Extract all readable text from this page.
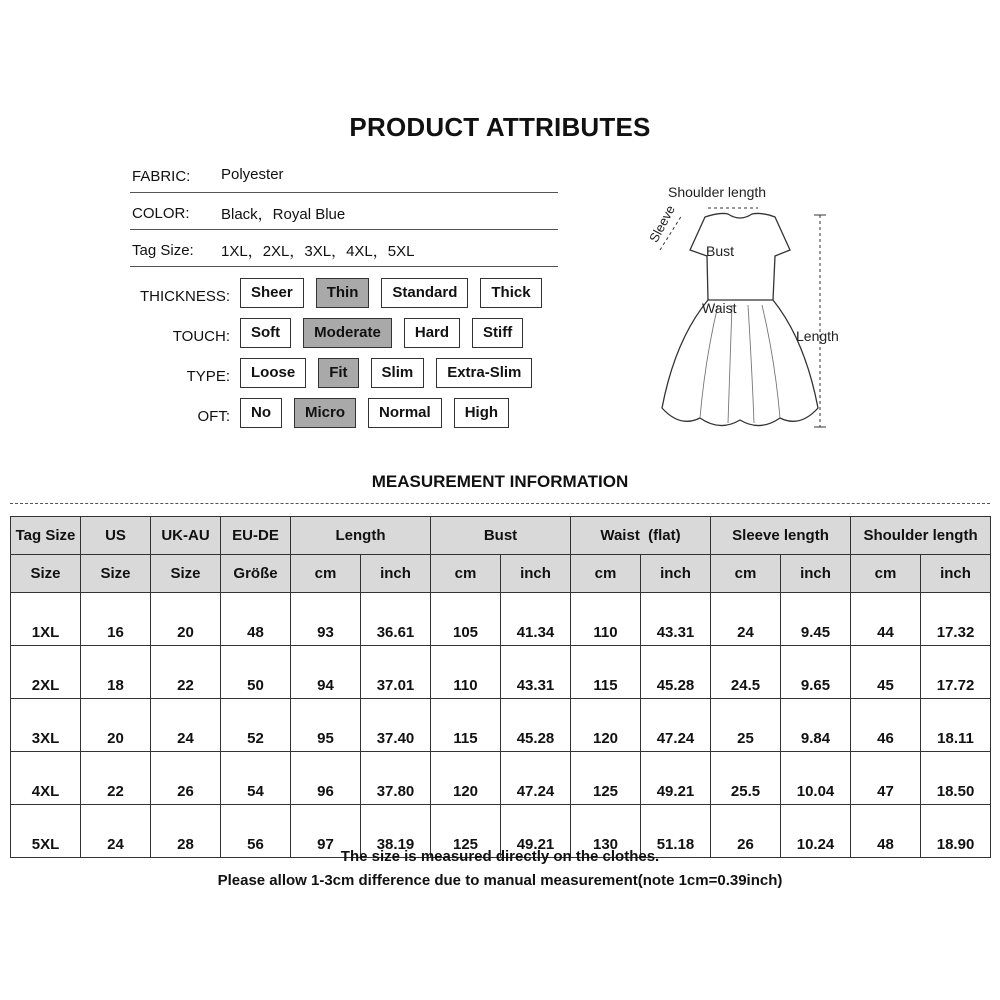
PRODUCT ATTRIBUTES
FABRIC: Polyester
COLOR: Black，Royal Blue
Tag Size: 1XL，2XL，3XL，4XL，5XL
THICKNESS:	Sheer	Thin	Standard	Thick
TOUCH:	Soft	Moderate	Hard	Stiff
TYPE:	Loose	Fit	Slim	Extra-Slim
OFT:	No	Micro	Normal	High
Shoulder length
Sleeve
Bust
Waist
Length
MEASUREMENT INFORMATION
Tag Size	US	UK-AU	EU-DE	Length		Bust		Waist  (flat)		Sleeve length		Shoulder length	
Size	Size	Size	Größe	cm	inch	cm	inch	cm	inch	cm	inch	cm	inch
1XL	16	20	48	93	36.61	105	41.34	110	43.31	24	9.45	44	17.32
2XL	18	22	50	94	37.01	110	43.31	115	45.28	24.5	9.65	45	17.72
3XL	20	24	52	95	37.40	115	45.28	120	47.24	25	9.84	46	18.11
4XL	22	26	54	96	37.80	120	47.24	125	49.21	25.5	10.04	47	18.50
5XL	24	28	56	97	38.19	125	49.21	130	51.18	26	10.24	48	18.90
The size is measured directly on the clothes.
Please allow 1-3cm difference due to manual measurement(note 1cm=0.39inch)
